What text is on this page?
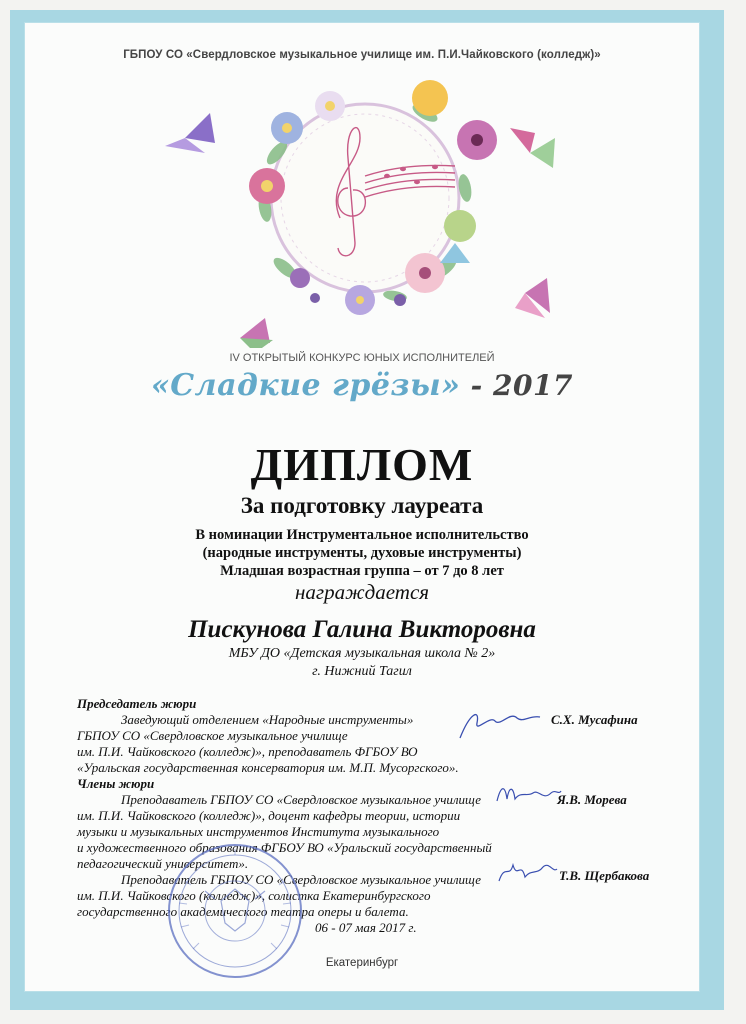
ГБПОУ СО «Свердловское музыкальное училище им. П.И.Чайковского (колледж)»
IV ОТКРЫТЫЙ КОНКУРС ЮНЫХ ИСПОЛНИТЕЛЕЙ
«Сладкие грёзы» - 2017
ДИПЛОМ
За подготовку лауреата
В номинации Инструментальное исполнительство
(народные инструменты, духовые инструменты)
Младшая возрастная группа – от 7 до 8 лет
награждается
Пискунова Галина Викторовна
МБУ ДО «Детская музыкальная школа № 2»
г. Нижний Тагил
Председатель жюри
Заведующий отделением «Народные инструменты»
ГБПОУ СО «Свердловское музыкальное училище
им. П.И. Чайковского (колледж)», преподаватель ФГБОУ ВО
«Уральская государственная консерватория им. М.П. Мусоргского».
С.Х. Мусафина
Члены жюри
Преподаватель ГБПОУ СО «Свердловское музыкальное училище
им. П.И. Чайковского (колледж)», доцент кафедры теории, истории
музыки и музыкальных инструментов Института музыкального
и художественного образования ФГБОУ ВО «Уральский государственный
педагогический университет».
Я.В. Морева
Преподаватель ГБПОУ СО «Свердловское музыкальное училище
им. П.И. Чайковского (колледж)», солистка Екатеринбургского
государственного академического театра оперы и балета.
Т.В. Щербакова
06 - 07 мая 2017 г.
Екатеринбург
